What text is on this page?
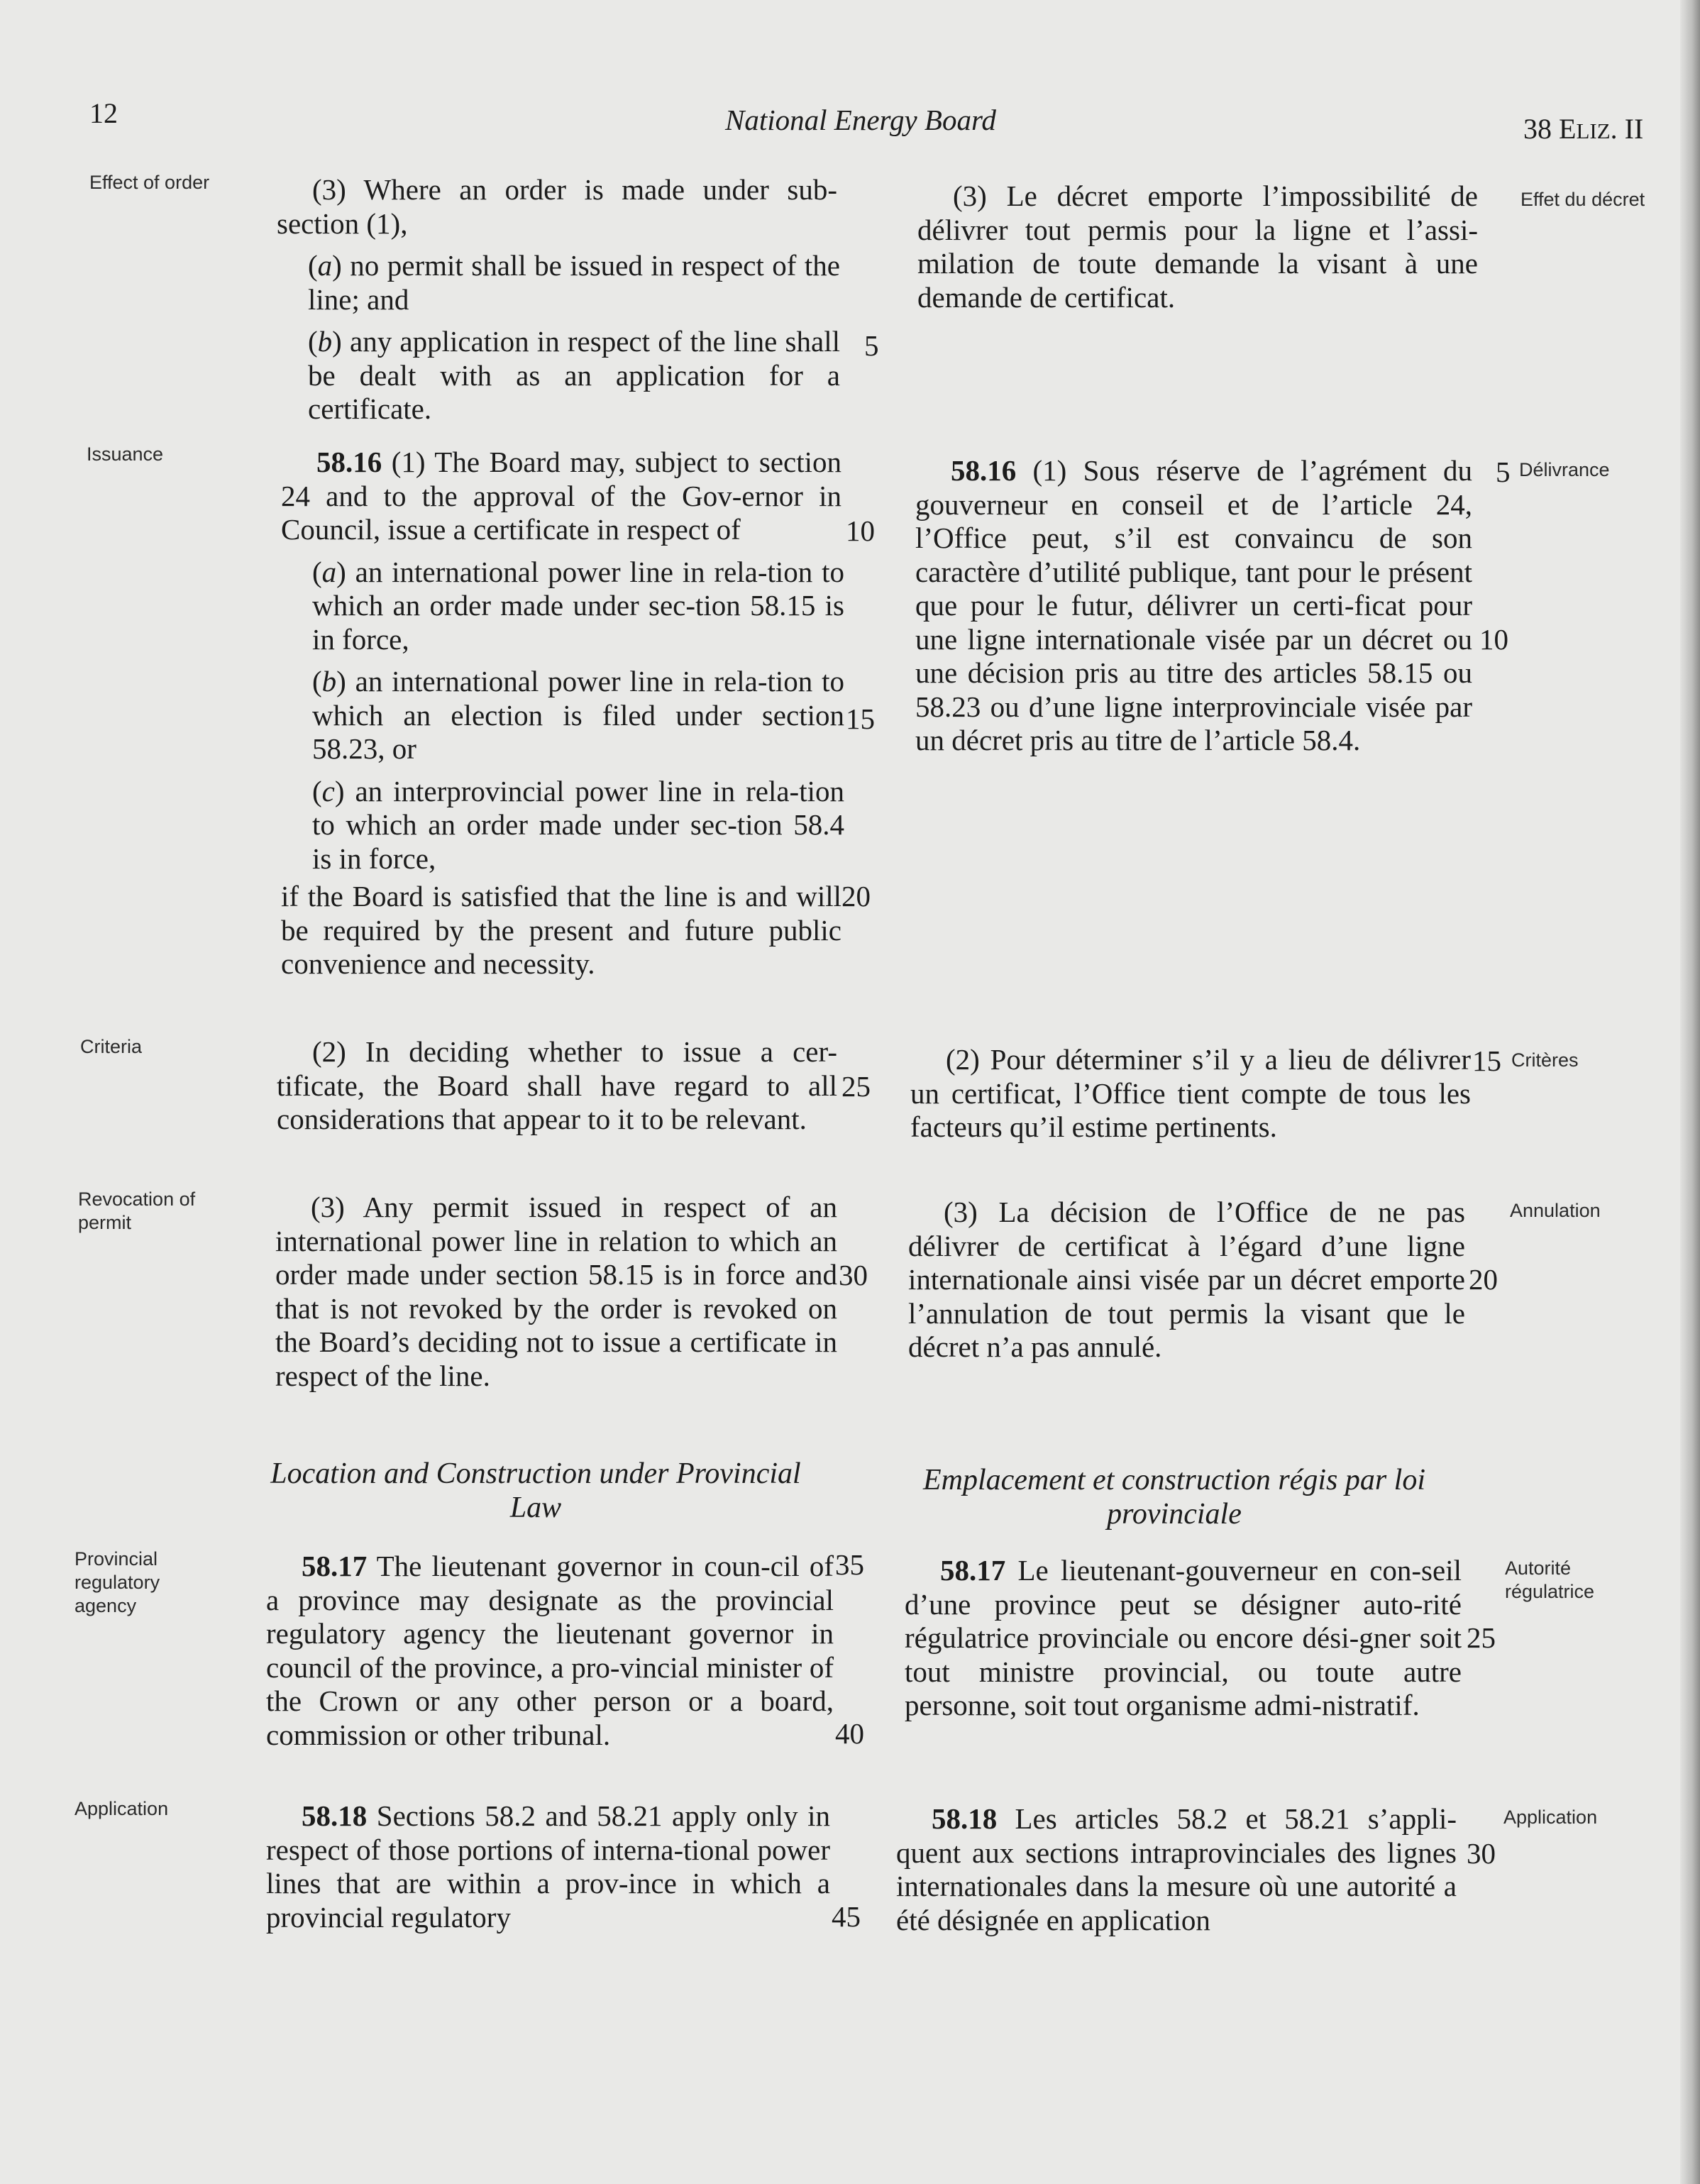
12	National Energy Board	38 ELIZ. II
Effect of order
Issuance
Criteria
Revocation of permit
Provincial regulatory agency
Application
Effet du décret
Délivrance
Critères
Annulation
Autorité régulatrice
Application

(3) Where an order is made under sub-section (1),

(a) no permit shall be issued in respect of the line; and

(b) any application in respect of the line shall be dealt with as an application for a certificate.

58.16 (1) The Board may, subject to section 24 and to the approval of the Gov-ernor in Council, issue a certificate in respect of

(a) an international power line in rela-tion to which an order made under sec-tion 58.15 is in force,

(b) an international power line in rela-tion to which an election is filed under section 58.23, or

(c) an interprovincial power line in rela-tion to which an order made under sec-tion 58.4 is in force,

if the Board is satisfied that the line is and will be required by the present and future public convenience and necessity.

(2) In deciding whether to issue a cer-tificate, the Board shall have regard to all considerations that appear to it to be relevant.

(3) Any permit issued in respect of an international power line in relation to which an order made under section 58.15 is in force and that is not revoked by the order is revoked on the Board’s deciding not to issue a certificate in respect of the line.

Location and Construction under Provincial Law

58.17 The lieutenant governor in coun-cil of a province may designate as the provincial regulatory agency the lieutenant governor in council of the province, a pro-vincial minister of the Crown or any other person or a board, commission or other tribunal.

58.18 Sections 58.2 and 58.21 apply only in respect of those portions of interna-tional power lines that are within a prov-ince in which a provincial regulatory

5
10
15
20
25
30
35
40
45

(3) Le décret emporte l’impossibilité de délivrer tout permis pour la ligne et l’assi-milation de toute demande la visant à une demande de certificat.

58.16 (1) Sous réserve de l’agrément du gouverneur en conseil et de l’article 24, l’Office peut, s’il est convaincu de son caractère d’utilité publique, tant pour le présent que pour le futur, délivrer un certi-ficat pour une ligne internationale visée par un décret ou une décision pris au titre des articles 58.15 ou 58.23 ou d’une ligne interprovinciale visée par un décret pris au titre de l’article 58.4.

(2) Pour déterminer s’il y a lieu de délivrer un certificat, l’Office tient compte de tous les facteurs qu’il estime pertinents.

(3) La décision de l’Office de ne pas délivrer de certificat à l’égard d’une ligne internationale ainsi visée par un décret emporte l’annulation de tout permis la visant que le décret n’a pas annulé.

Emplacement et construction régis par loi provinciale

58.17 Le lieutenant-gouverneur en con-seil d’une province peut se désigner auto-rité régulatrice provinciale ou encore dési-gner soit tout ministre provincial, ou toute autre personne, soit tout organisme admi-nistratif.

58.18 Les articles 58.2 et 58.21 s’appli-quent aux sections intraprovinciales des lignes internationales dans la mesure où une autorité a été désignée en application

5
10
15
20
25
30
